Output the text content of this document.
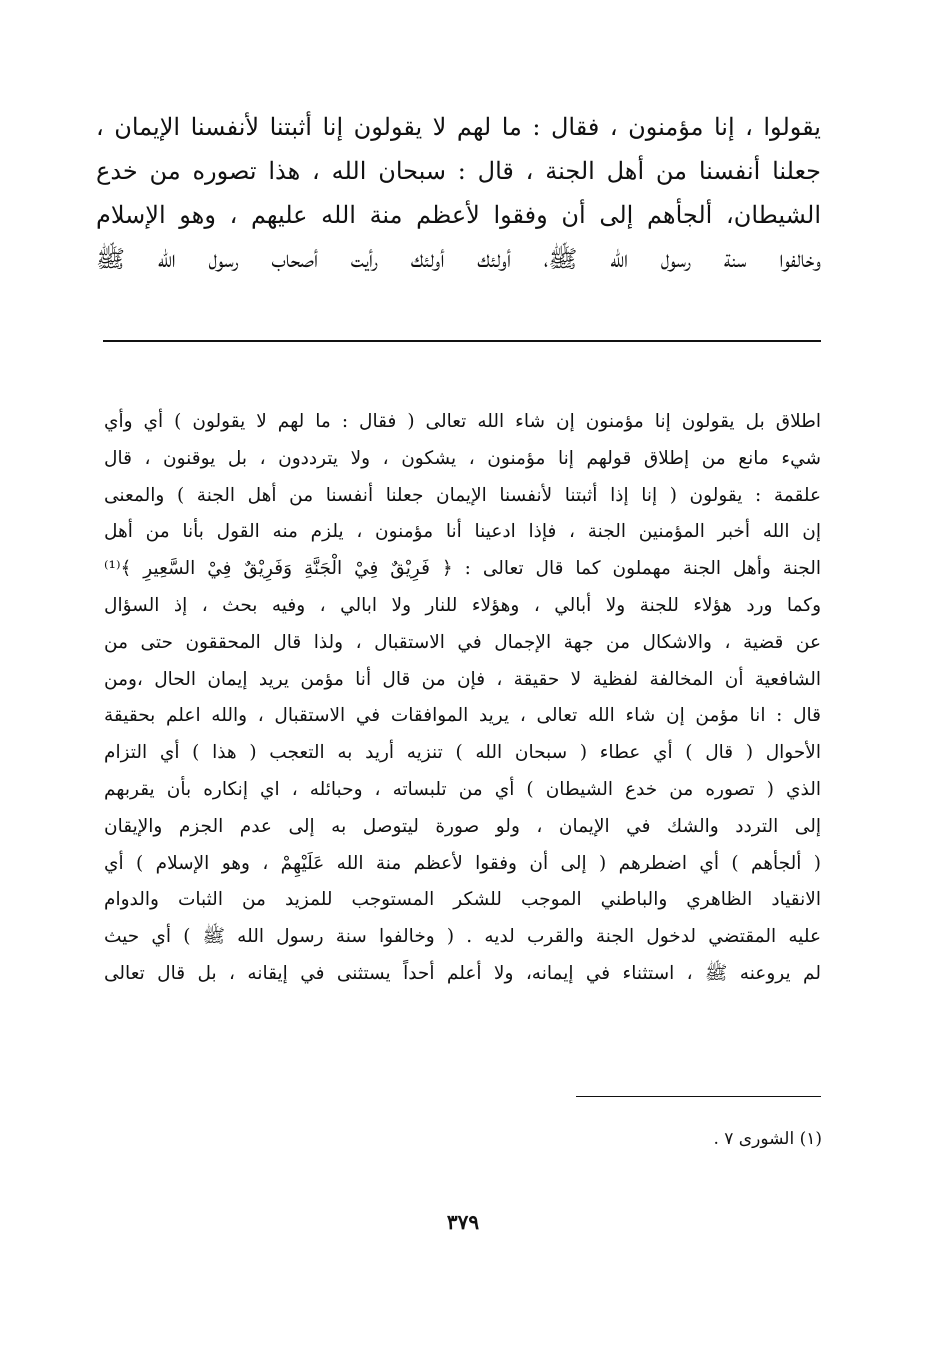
يقولوا ، إنا مؤمنون ، فقال : ما لهم لا يقولون إنا أثبتنا لأنفسنا الإيمان ،
جعلنا أنفسنا من أهل الجنة ، قال : سبحان الله ، هذا تصوره من خدع
الشيطان، ألجأهم إلى أن وفقوا لأعظم منة الله عليهم ، وهو الإسلام
وخالفوا سنة رسول الله ﷺ، أولئك أولئك رأيت أصحاب رسول الله ﷺ
اطلاق بل يقولون إنا مؤمنون إن شاء الله تعالى ( فقال : ما لهم لا يقولون ) أي وأي
شيء مانع من إطلاق قولهم إنا مؤمنون ، يشكون ، ولا يترددون ، بل يوقنون ، قال
علقمة : يقولون ( إنا إذا أثبتنا لأنفسنا الإيمان جعلنا أنفسنا من أهل الجنة ) والمعنى
إن الله أخبر المؤمنين الجنة ، فإذا ادعينا أنا مؤمنون ، يلزم منه القول بأنا من أهل
الجنة وأهل الجنة مهملون كما قال تعالى : ﴿ فَرِيْقٌ فِيْ الْجَنَّةِ وَفَرِيْقٌ فِيْ السَّعِيرِ ﴾⁽¹⁾
وكما ورد هؤلاء للجنة ولا أبالي ، وهؤلاء للنار ولا ابالي ، وفيه بحث ، إذ السؤال
عن قضية ، والاشكال من جهة الإجمال في الاستقبال ، ولذا قال المحققون حتى من
الشافعية أن المخالفة لفظية لا حقيقة ، فإن من قال أنا مؤمن يريد إيمان الحال ،ومن
قال : انا مؤمن إن شاء الله تعالى ، يريد الموافقات في الاستقبال ، والله اعلم بحقيقة
الأحوال ( قال ) أي عطاء ( سبحان الله ) تنزيه أريد به التعجب ( هذا ) أي التزام
الذي ( تصوره من خدع الشيطان ) أي من تلبساته ، وحبائله ، اي إنكاره بأن يقربهم
إلى التردد والشك في الإيمان ، ولو صورة ليتوصل به إلى عدم الجزم والإيقان
( ألجأهم ) أي اضطرهم ( إلى أن وفقوا لأعظم منة الله عَلَيْهِمْ ، وهو الإسلام ) أي
الانقياد الظاهري والباطني الموجب للشكر المستوجب للمزيد من الثبات والدوام
عليه المقتضي لدخول الجنة والقرب لديه . ( وخالفوا سنة رسول الله ﷺ ) أي حيث
لم يروعنه ﷺ ، استثناء في إيمانه، ولا أعلم أحداً يستثنى في إيقانه ، بل قال تعالى
(١) الشورى ٧ .
٣٧٩
